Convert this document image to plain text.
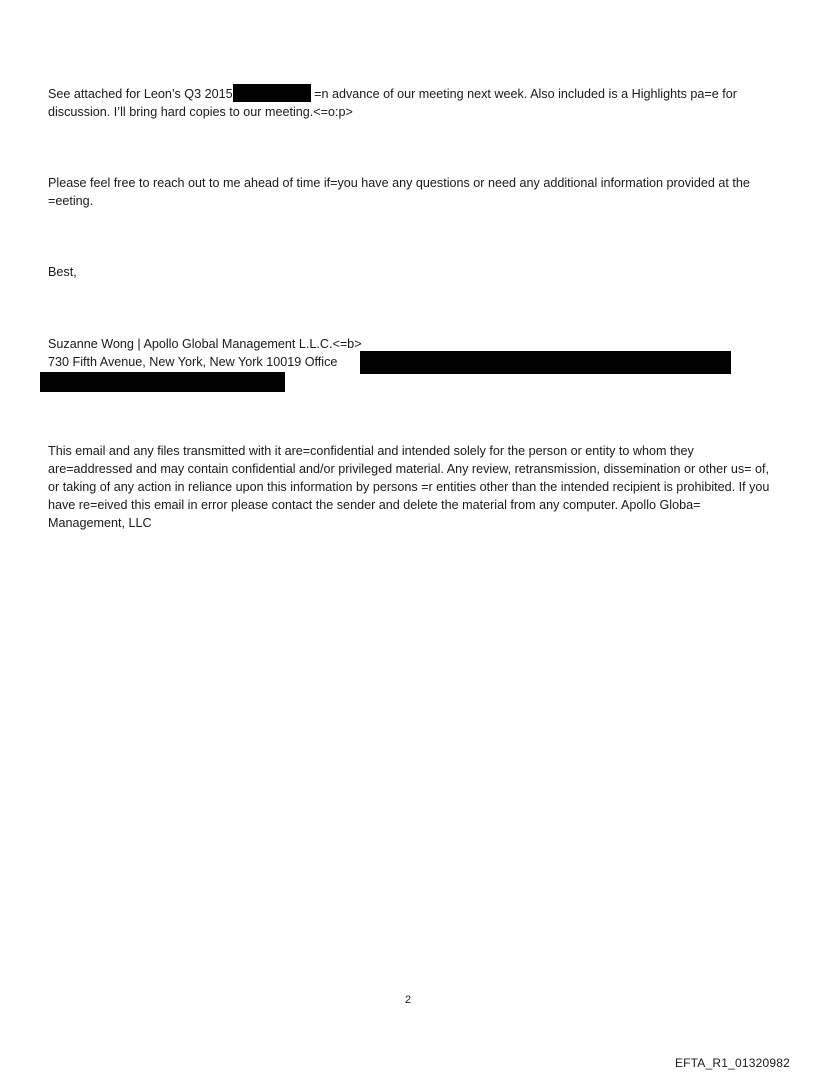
See attached for Leon’s Q3 2015	=n advance of our meeting next week. Also included is a Highlights pa=e for discussion. I’ll bring hard copies to our meeting.<=o:p>
Please feel free to reach out to me ahead of time if=you have any questions or need any additional information provided at the =eeting.
Best,
Suzanne Wong | Apollo Global Management L.L.C.<=b>
730 Fifth Avenue, New York, New York 10019 Office
This email and any files transmitted with it are=confidential and intended solely for the person or entity to whom they are=addressed and may contain confidential and/or privileged material. Any review, retransmission, dissemination or other us= of, or taking of any action in reliance upon this information by persons =r entities other than the intended recipient is prohibited. If you have re=eived this email in error please contact the sender and delete the material from any computer. Apollo Globa= Management, LLC
2
EFTA_R1_01320982
